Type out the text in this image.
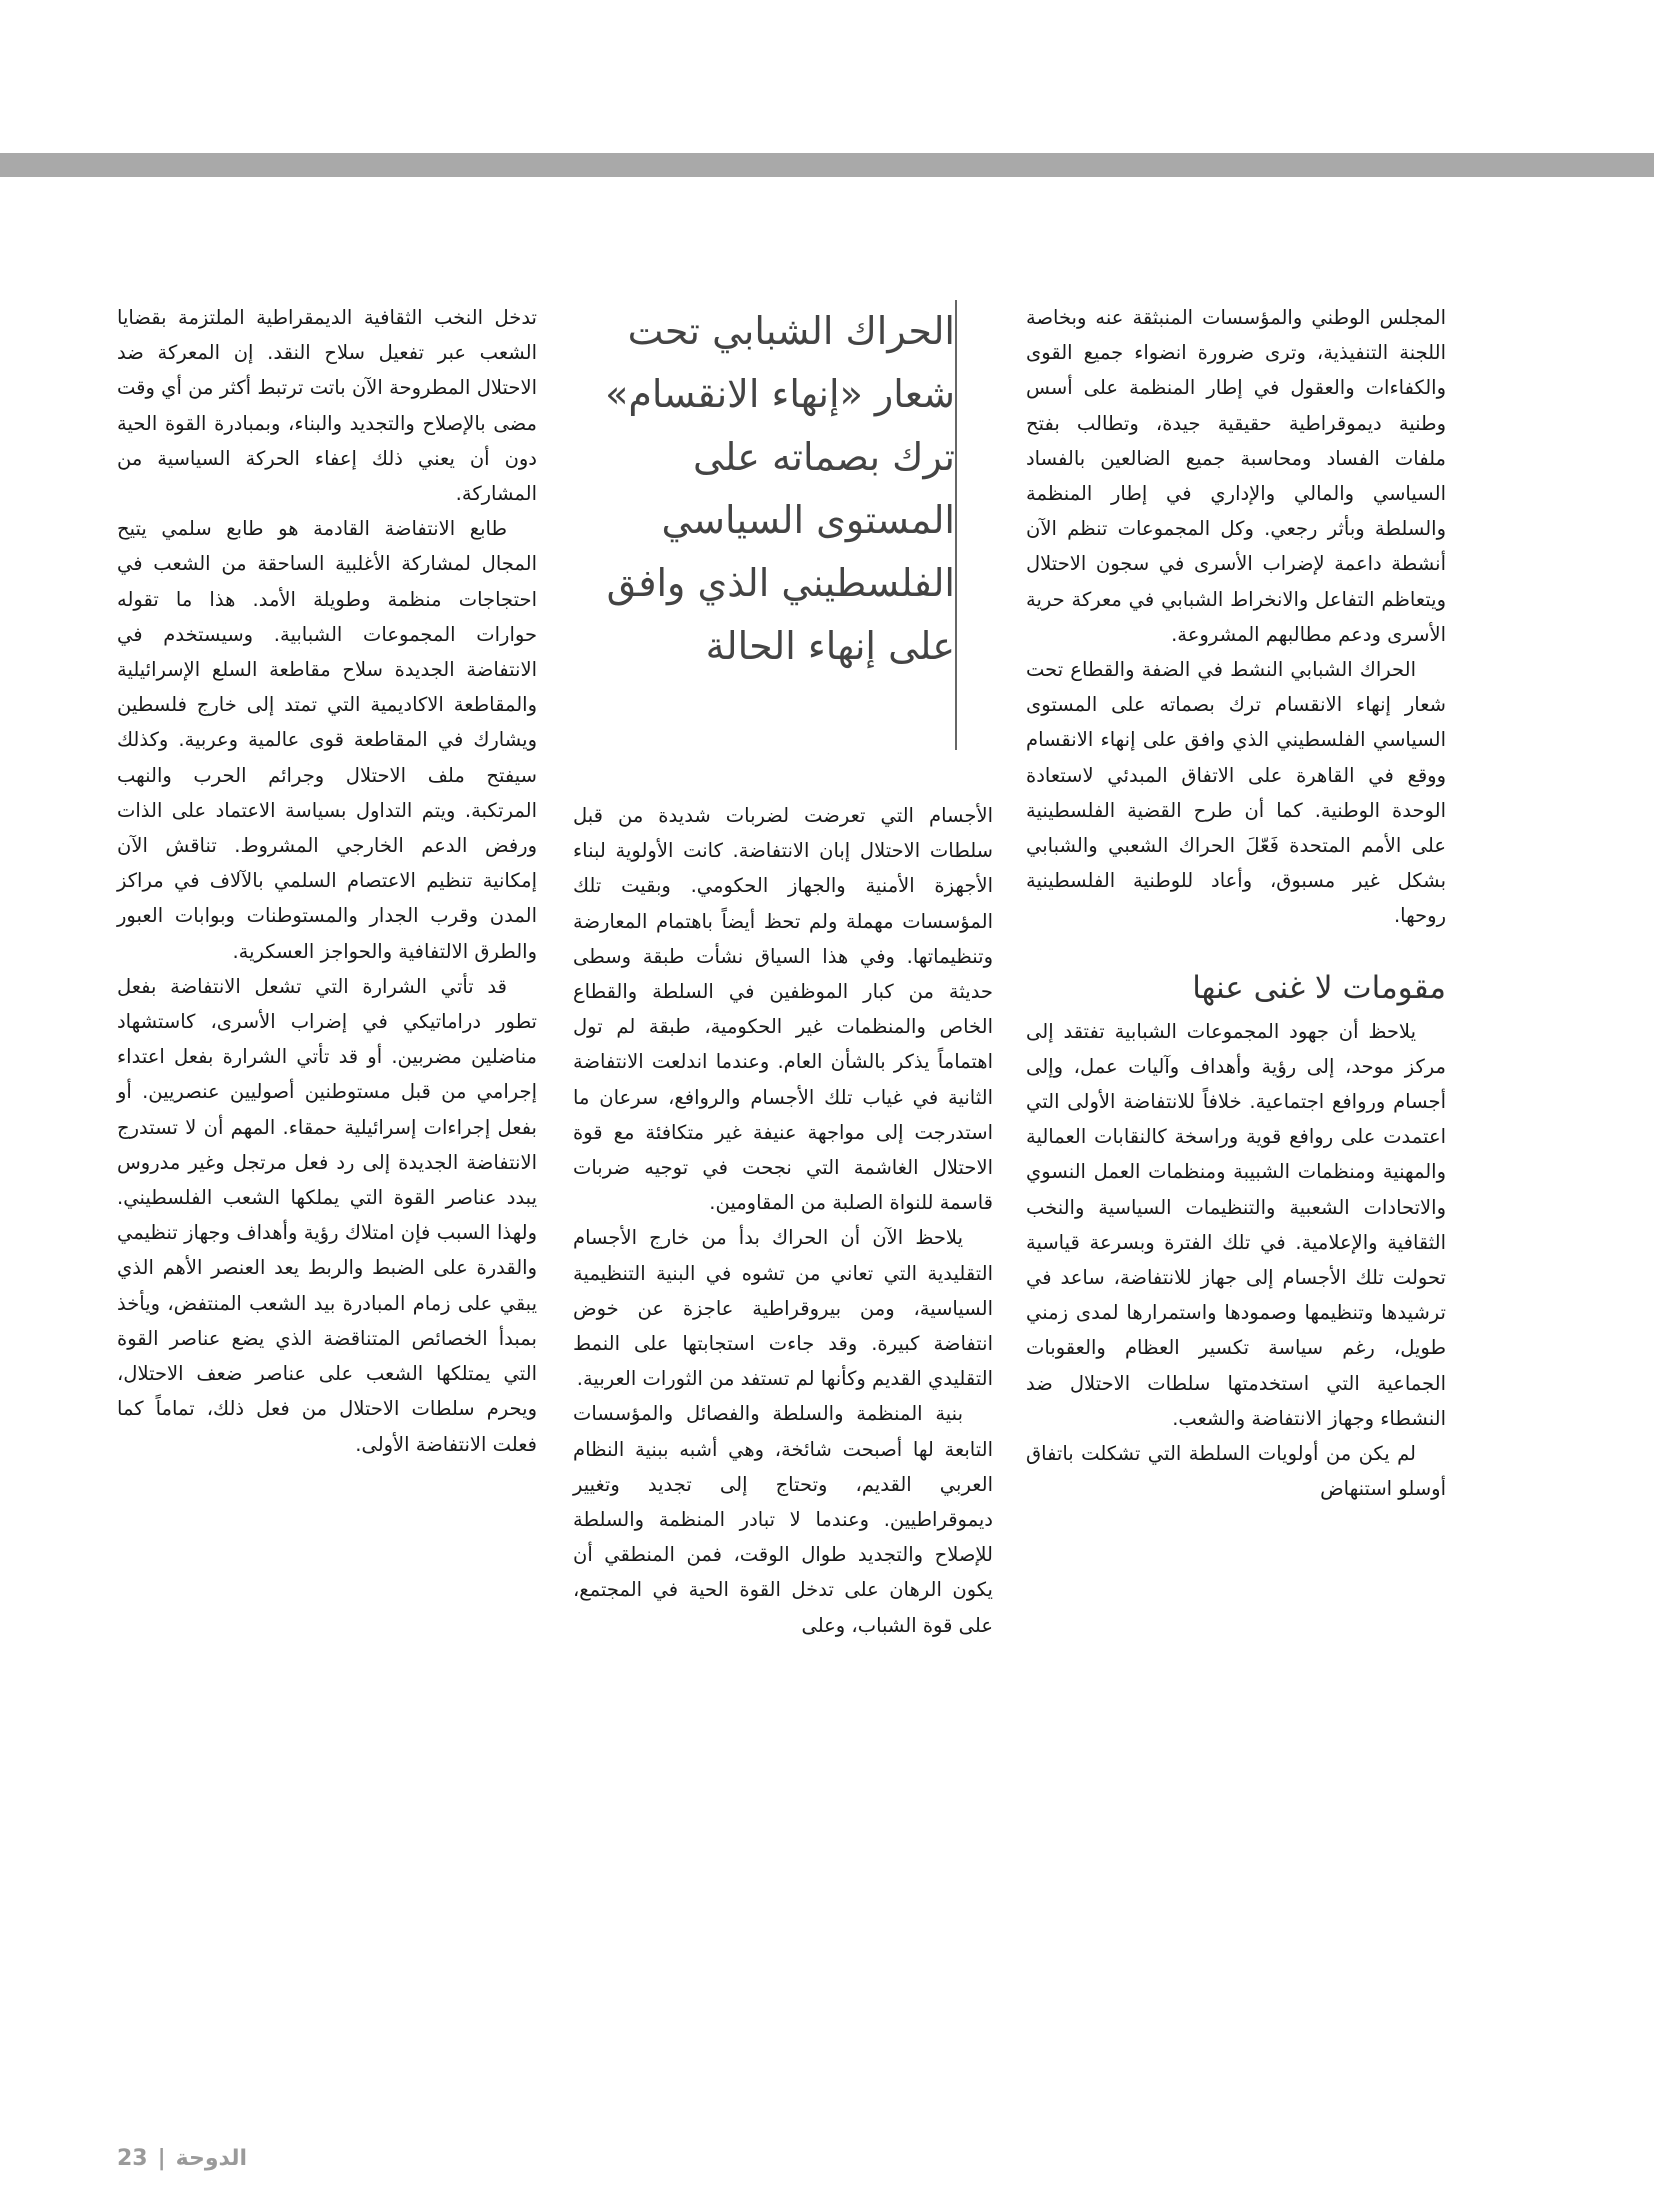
المجلس الوطني والمؤسسات المنبثقة عنه وبخاصة اللجنة التنفيذية، وترى ضرورة انضواء جميع القوى والكفاءات والعقول في إطار المنظمة على أسس وطنية ديموقراطية حقيقية جيدة، وتطالب بفتح ملفات الفساد ومحاسبة جميع الضالعين بالفساد السياسي والمالي والإداري في إطار المنظمة والسلطة وبأثر رجعي. وكل المجموعات تنظم الآن أنشطة داعمة لإضراب الأسرى في سجون الاحتلال ويتعاظم التفاعل والانخراط الشبابي في معركة حرية الأسرى ودعم مطالبهم المشروعة.

الحراك الشبابي النشط في الضفة والقطاع تحت شعار إنهاء الانقسام ترك بصماته على المستوى السياسي الفلسطيني الذي وافق على إنهاء الانقسام ووقع في القاهرة على الاتفاق المبدئي لاستعادة الوحدة الوطنية. كما أن طرح القضية الفلسطينية على الأمم المتحدة فَعّلَ الحراك الشعبي والشبابي بشكل غير مسبوق، وأعاد للوطنية الفلسطينية روحها.

مقومات لا غنى عنها

يلاحظ أن جهود المجموعات الشبابية تفتقد إلى مركز موحد، إلى رؤية وأهداف وآليات عمل، وإلى أجسام وروافع اجتماعية. خلافاً للانتفاضة الأولى التي اعتمدت على روافع قوية وراسخة كالنقابات العمالية والمهنية ومنظمات الشبيبة ومنظمات العمل النسوي والاتحادات الشعبية والتنظيمات السياسية والنخب الثقافية والإعلامية. في تلك الفترة وبسرعة قياسية تحولت تلك الأجسام إلى جهاز للانتفاضة، ساعد في ترشيدها وتنظيمها وصمودها واستمرارها لمدى زمني طويل، رغم سياسة تكسير العظام والعقوبات الجماعية التي استخدمتها سلطات الاحتلال ضد النشطاء وجهاز الانتفاضة والشعب.

لم يكن من أولويات السلطة التي تشكلت باتفاق أوسلو استنهاض

الحراك الشبابي تحت شعار «إنهاء الانقسام» ترك بصماته على المستوى السياسي الفلسطيني الذي وافق على إنهاء الحالة

الأجسام التي تعرضت لضربات شديدة من قبل سلطات الاحتلال إبان الانتفاضة. كانت الأولوية لبناء الأجهزة الأمنية والجهاز الحكومي. وبقيت تلك المؤسسات مهملة ولم تحظ أيضاً باهتمام المعارضة وتنظيماتها. وفي هذا السياق نشأت طبقة وسطى حديثة من كبار الموظفين في السلطة والقطاع الخاص والمنظمات غير الحكومية، طبقة لم تول اهتماماً يذكر بالشأن العام. وعندما اندلعت الانتفاضة الثانية في غياب تلك الأجسام والروافع، سرعان ما استدرجت إلى مواجهة عنيفة غير متكافئة مع قوة الاحتلال الغاشمة التي نجحت في توجيه ضربات قاسمة للنواة الصلبة من المقاومين.

يلاحظ الآن أن الحراك بدأ من خارج الأجسام التقليدية التي تعاني من تشوه في البنية التنظيمية السياسية، ومن بيروقراطية عاجزة عن خوض انتفاضة كبيرة. وقد جاءت استجابتها على النمط التقليدي القديم وكأنها لم تستفد من الثورات العربية.

بنية المنظمة والسلطة والفصائل والمؤسسات التابعة لها أصبحت شائخة، وهي أشبه ببنية النظام العربي القديم، وتحتاج إلى تجديد وتغيير ديموقراطيين. وعندما لا تبادر المنظمة والسلطة للإصلاح والتجديد طوال الوقت، فمن المنطقي أن يكون الرهان على تدخل القوة الحية في المجتمع، على قوة الشباب، وعلى

تدخل النخب الثقافية الديمقراطية الملتزمة بقضايا الشعب عبر تفعيل سلاح النقد. إن المعركة ضد الاحتلال المطروحة الآن باتت ترتبط أكثر من أي وقت مضى بالإصلاح والتجديد والبناء، وبمبادرة القوة الحية دون أن يعني ذلك إعفاء الحركة السياسية من المشاركة.

طابع الانتفاضة القادمة هو طابع سلمي يتيح المجال لمشاركة الأغلبية الساحقة من الشعب في احتجاجات منظمة وطويلة الأمد. هذا ما تقوله حوارات المجموعات الشبابية. وسيستخدم في الانتفاضة الجديدة سلاح مقاطعة السلع الإسرائيلية والمقاطعة الاكاديمية التي تمتد إلى خارج فلسطين ويشارك في المقاطعة قوى عالمية وعربية. وكذلك سيفتح ملف الاحتلال وجرائم الحرب والنهب المرتكبة. ويتم التداول بسياسة الاعتماد على الذات ورفض الدعم الخارجي المشروط. تناقش الآن إمكانية تنظيم الاعتصام السلمي بالآلاف في مراكز المدن وقرب الجدار والمستوطنات وبوابات العبور والطرق الالتفافية والحواجز العسكرية.

قد تأتي الشرارة التي تشعل الانتفاضة بفعل تطور دراماتيكي في إضراب الأسرى، كاستشهاد مناضلين مضربين. أو قد تأتي الشرارة بفعل اعتداء إجرامي من قبل مستوطنين أصوليين عنصريين. أو بفعل إجراءات إسرائيلية حمقاء. المهم أن لا تستدرج الانتفاضة الجديدة إلى رد فعل مرتجل وغير مدروس يبدد عناصر القوة التي يملكها الشعب الفلسطيني. ولهذا السبب فإن امتلاك رؤية وأهداف وجهاز تنظيمي والقدرة على الضبط والربط يعد العنصر الأهم الذي يبقي على زمام المبادرة بيد الشعب المنتفض، ويأخذ بمبدأ الخصائص المتناقضة الذي يضع عناصر القوة التي يمتلكها الشعب على عناصر ضعف الاحتلال، ويحرم سلطات الاحتلال من فعل ذلك، تماماً كما فعلت الانتفاضة الأولى.

23 | الدوحة
